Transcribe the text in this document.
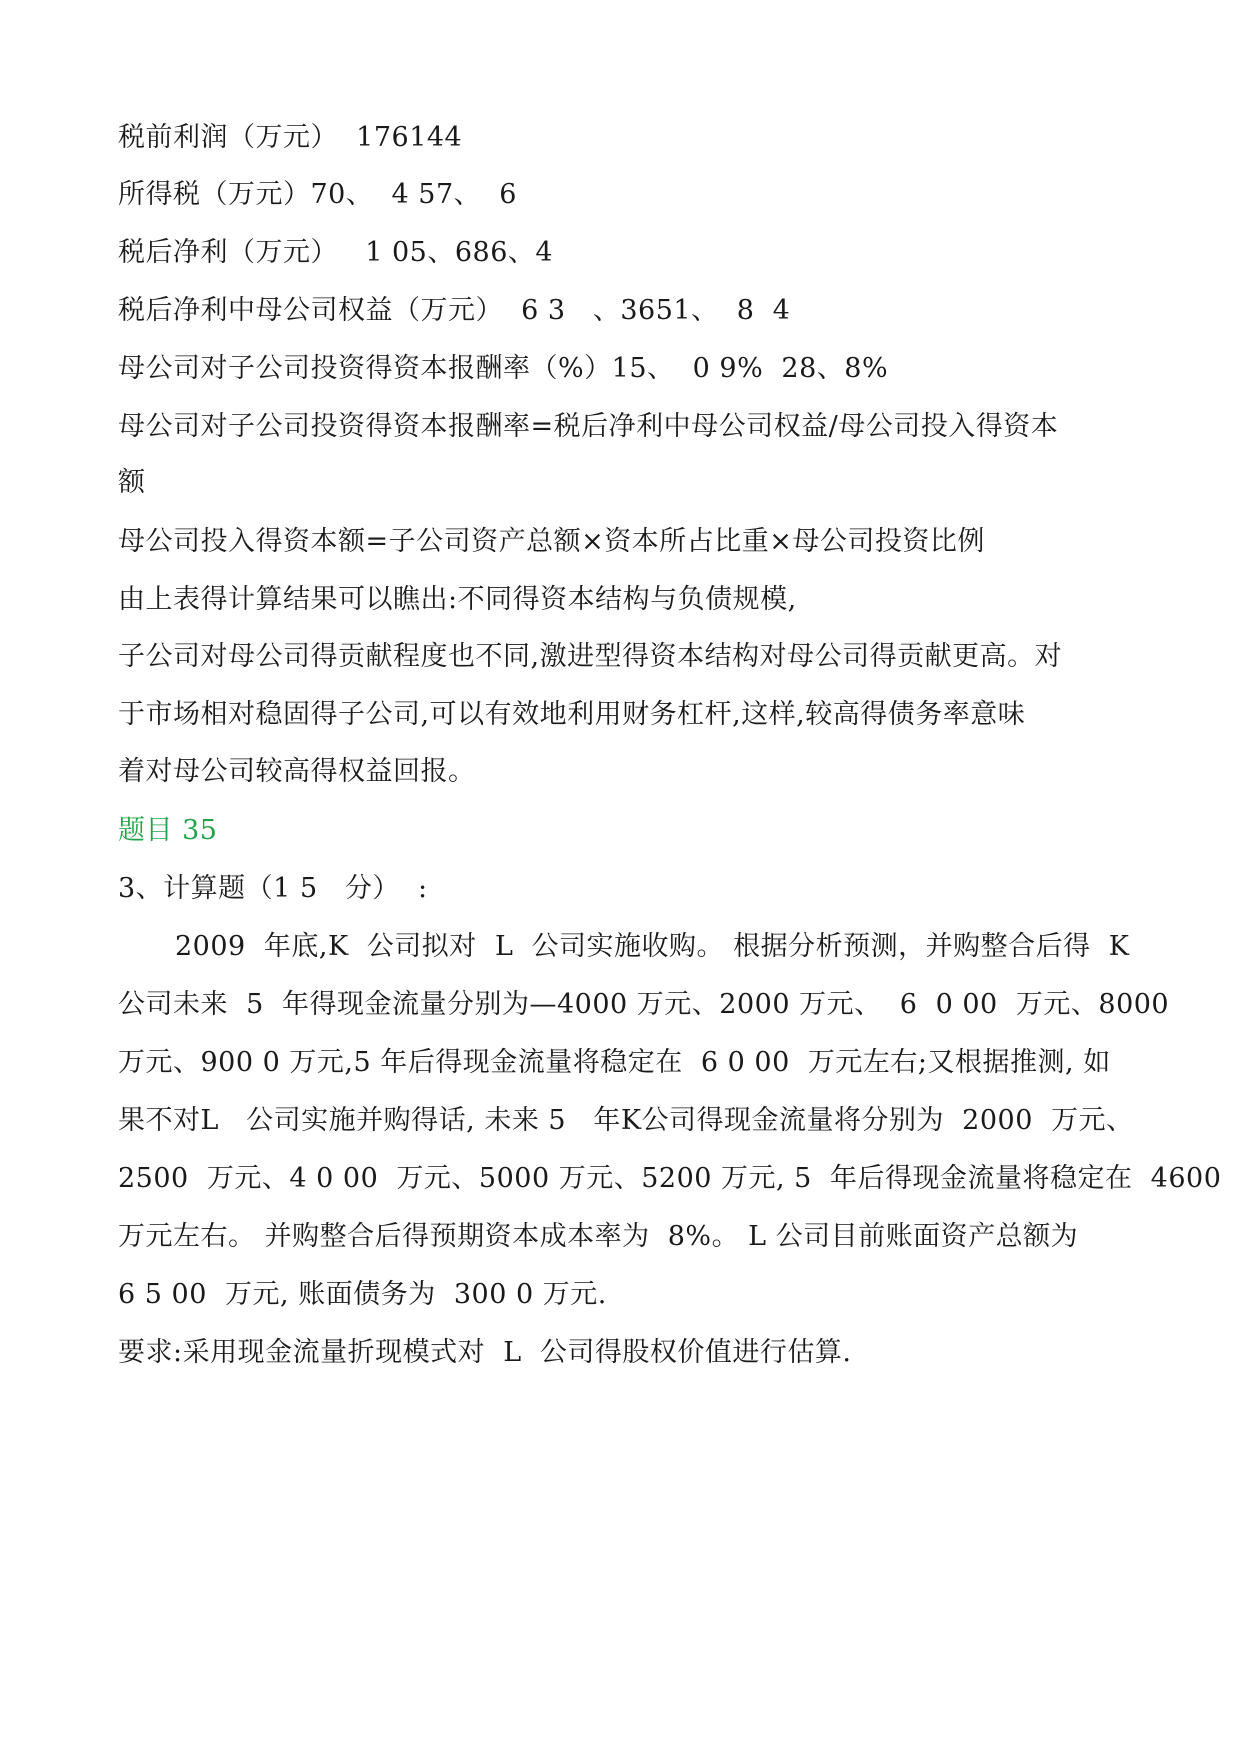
税前利润（万元）  176144
所得税（万元）70、  4 57、  6
税后净利（万元）   1 05、686、4
税后净利中母公司权益（万元）  6 3   、3651、  8  4
母公司对子公司投资得资本报酬率（%）15、  0 9%  28、8%
母公司对子公司投资得资本报酬率=税后净利中母公司权益/母公司投入得资本
额
母公司投入得资本额=子公司资产总额×资本所占比重×母公司投资比例
由上表得计算结果可以瞧出:不同得资本结构与负债规模,
子公司对母公司得贡献程度也不同,激进型得资本结构对母公司得贡献更高。对
于市场相对稳固得子公司,可以有效地利用财务杠杆,这样,较高得债务率意味
着对母公司较高得权益回报。
题目 35
3、计算题（1 5   分）  :
2009  年底,K  公司拟对  L  公司实施收购。 根据分析预测，并购整合后得  K
公司未来  5  年得现金流量分别为—4000 万元、2000 万元、  6  0 00  万元、8000
万元、900 0 万元,5 年后得现金流量将稳定在  6 0 00  万元左右;又根据推测, 如
果不对L   公司实施并购得话, 未来 5   年K公司得现金流量将分别为  2000  万元、
2500  万元、4 0 00  万元、5000 万元、5200 万元, 5  年后得现金流量将稳定在  4600
万元左右。 并购整合后得预期资本成本率为  8%。 L 公司目前账面资产总额为
6 5 00  万元, 账面债务为  300 0 万元.
要求:采用现金流量折现模式对  L  公司得股权价值进行估算.
